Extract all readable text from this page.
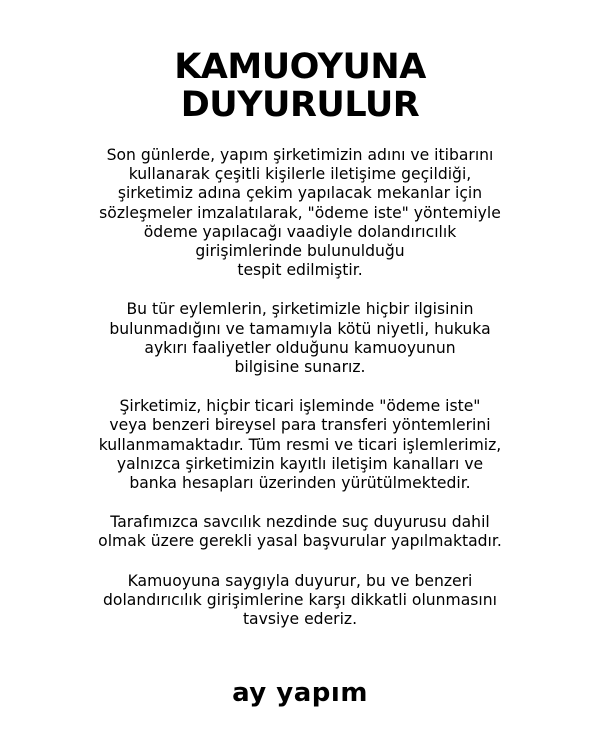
KAMUOYUNA
DUYURULUR

Son günlerde, yapım şirketimizin adını ve itibarını
kullanarak çeşitli kişilerle iletişime geçildiği,
şirketimiz adına çekim yapılacak mekanlar için
sözleşmeler imzalatılarak, "ödeme iste" yöntemiyle
ödeme yapılacağı vaadiyle dolandırıcılık
girişimlerinde bulunulduğu
tespit edilmiştir.

Bu tür eylemlerin, şirketimizle hiçbir ilgisinin
bulunmadığını ve tamamıyla kötü niyetli, hukuka
aykırı faaliyetler olduğunu kamuoyunun
bilgisine sunarız.

Şirketimiz, hiçbir ticari işleminde "ödeme iste"
veya benzeri bireysel para transferi yöntemlerini
kullanmamaktadır. Tüm resmi ve ticari işlemlerimiz,
yalnızca şirketimizin kayıtlı iletişim kanalları ve
banka hesapları üzerinden yürütülmektedir.

Tarafımızca savcılık nezdinde suç duyurusu dahil
olmak üzere gerekli yasal başvurular yapılmaktadır.

Kamuoyuna saygıyla duyurur, bu ve benzeri
dolandırıcılık girişimlerine karşı dikkatli olunmasını
tavsiye ederiz.

ay yapım
